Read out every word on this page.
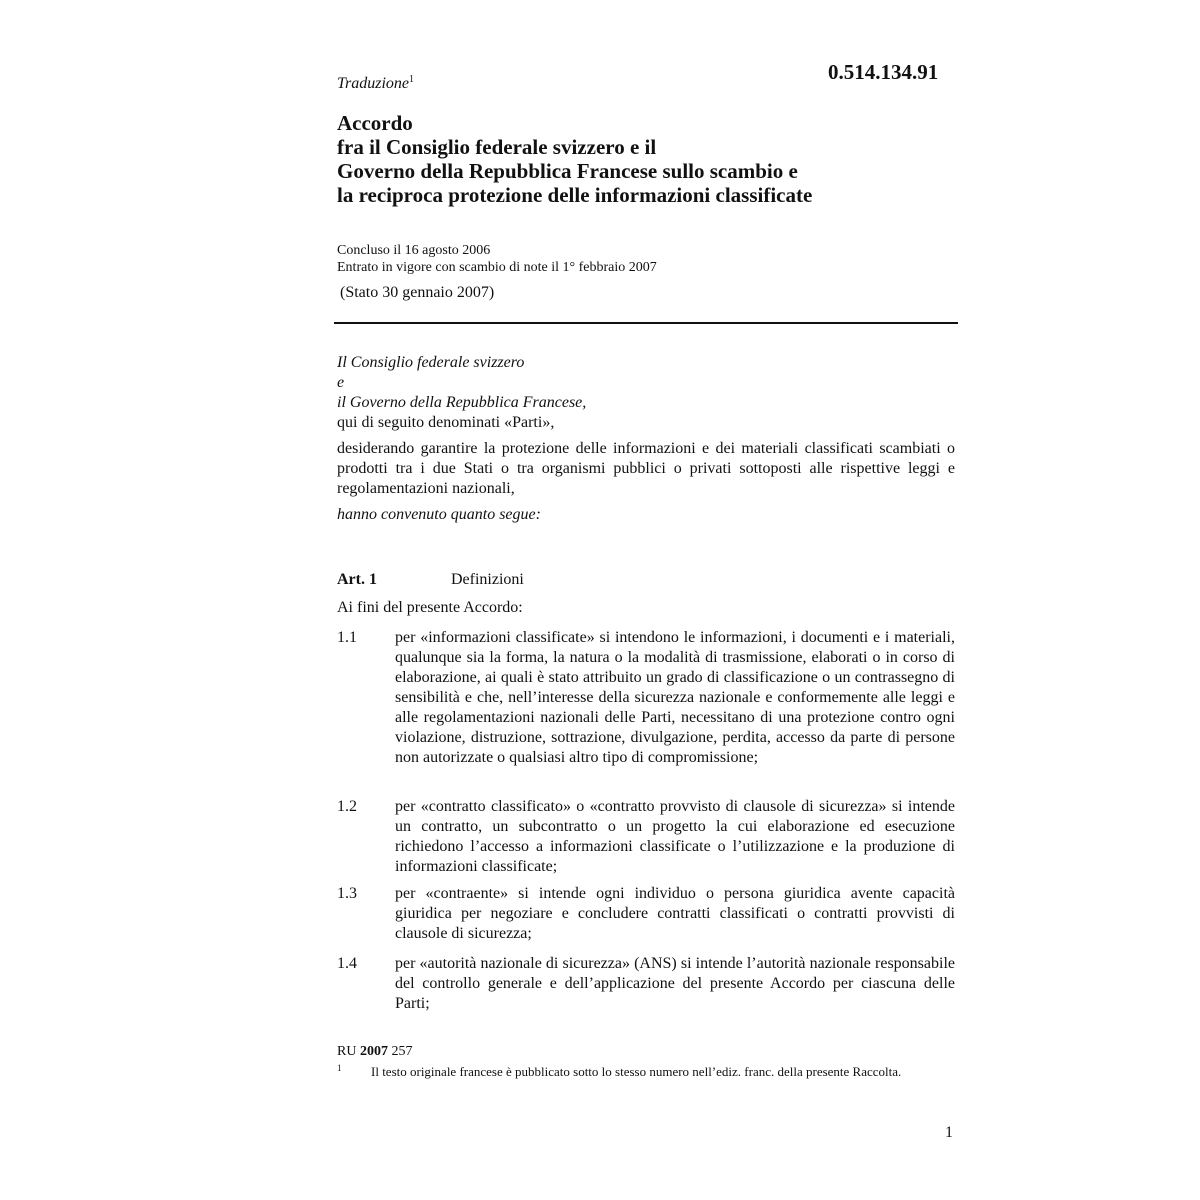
0.514.134.91
Traduzione$^1$
Accordo
fra il Consiglio federale svizzero e il
Governo della Repubblica Francese sullo scambio e
la reciproca protezione delle informazioni classificate
Concluso il 16 agosto 2006
Entrato in vigore con scambio di note il 1° febbraio 2007
(Stato 30 gennaio 2007)
Il Consiglio federale svizzero
e
il Governo della Repubblica Francese,
qui di seguito denominati «Parti»,
desiderando garantire la protezione delle informazioni e dei materiali classificati scambiati o prodotti tra i due Stati o tra organismi pubblici o privati sottoposti alle rispettive leggi e regolamentazioni nazionali,
hanno convenuto quanto segue:
Art. 1	Definizioni
Ai fini del presente Accordo:
1.1 per «informazioni classificate» si intendono le informazioni, i documenti e i materiali, qualunque sia la forma, la natura o la modalità di trasmissione, elaborati o in corso di elaborazione, ai quali è stato attribuito un grado di classificazione o un contrassegno di sensibilità e che, nell’interesse della sicurezza nazionale e conformemente alle leggi e alle regolamentazioni nazionali delle Parti, necessitano di una protezione contro ogni violazione, distruzione, sottrazione, divulgazione, perdita, accesso da parte di persone non autorizzate o qualsiasi altro tipo di compromissione;
1.2 per «contratto classificato» o «contratto provvisto di clausole di sicurezza» si intende un contratto, un subcontratto o un progetto la cui elaborazione ed esecuzione richiedono l’accesso a informazioni classificate o l’utilizzazione e la produzione di informazioni classificate;
1.3 per «contraente» si intende ogni individuo o persona giuridica avente capacità giuridica per negoziare e concludere contratti classificati o contratti provvisti di clausole di sicurezza;
1.4 per «autorità nazionale di sicurezza» (ANS) si intende l’autorità nazionale responsabile del controllo generale e dell’applicazione del presente Accordo per ciascuna delle Parti;
RU 2007 257
1 Il testo originale francese è pubblicato sotto lo stesso numero nell’ediz. franc. della presente Raccolta.
1
